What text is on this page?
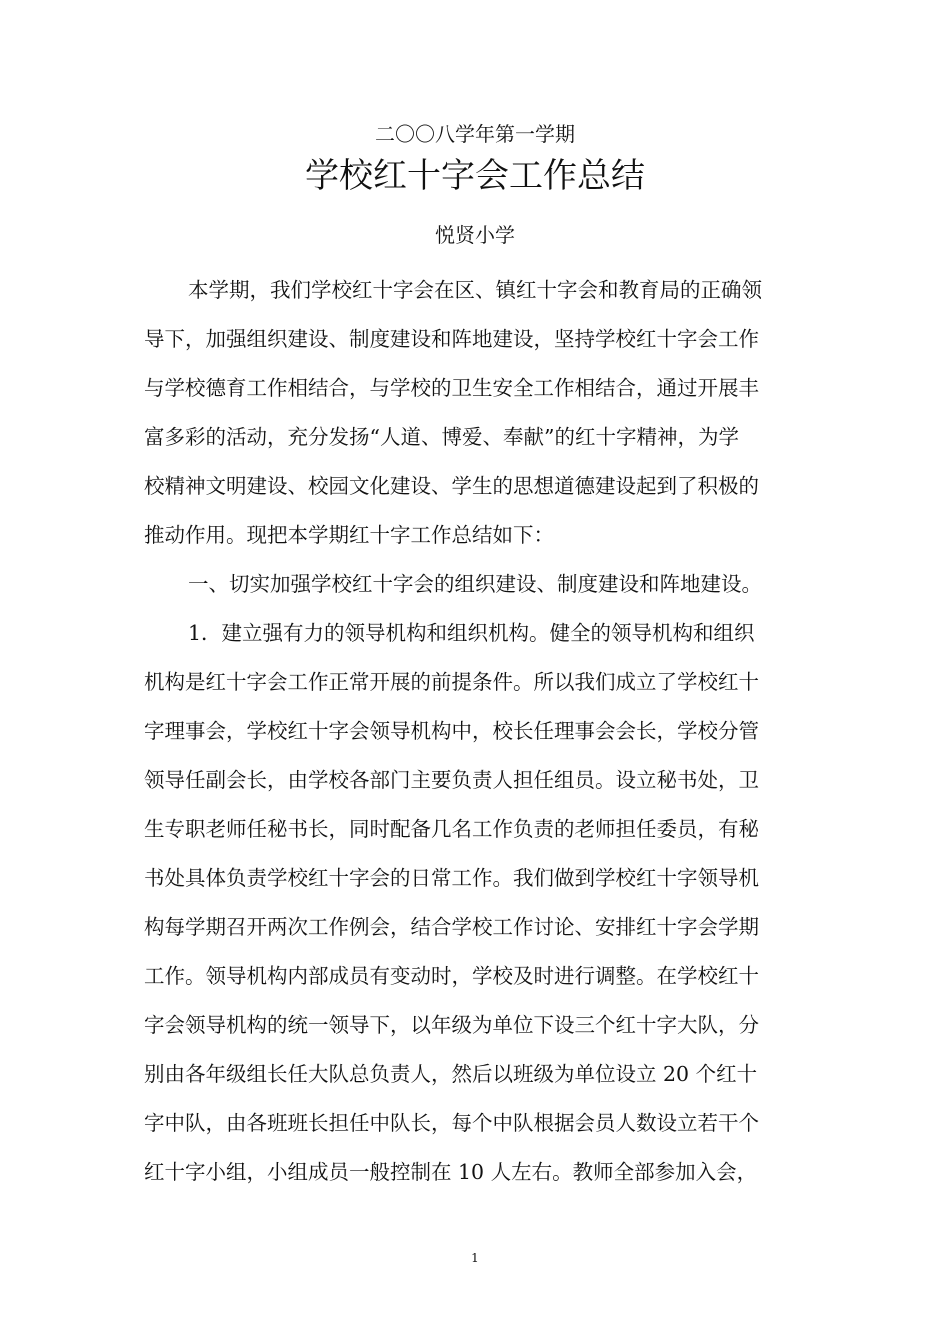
二〇〇八学年第一学期
学校红十字会工作总结
悦贤小学
本学期，我们学校红十字会在区、镇红十字会和教育局的正确领
导下，加强组织建设、制度建设和阵地建设，坚持学校红十字会工作
与学校德育工作相结合，与学校的卫生安全工作相结合，通过开展丰
富多彩的活动，充分发扬“人道、博爱、奉献”的红十字精神，为学
校精神文明建设、校园文化建设、学生的思想道德建设起到了积极的
推动作用。现把本学期红十字工作总结如下：
一、切实加强学校红十字会的组织建设、制度建设和阵地建设。
1．建立强有力的领导机构和组织机构。健全的领导机构和组织
机构是红十字会工作正常开展的前提条件。所以我们成立了学校红十
字理事会，学校红十字会领导机构中，校长任理事会会长，学校分管
领导任副会长，由学校各部门主要负责人担任组员。设立秘书处，卫
生专职老师任秘书长，同时配备几名工作负责的老师担任委员，有秘
书处具体负责学校红十字会的日常工作。我们做到学校红十字领导机
构每学期召开两次工作例会，结合学校工作讨论、安排红十字会学期
工作。领导机构内部成员有变动时，学校及时进行调整。在学校红十
字会领导机构的统一领导下，以年级为单位下设三个红十字大队，分
别由各年级组长任大队总负责人，然后以班级为单位设立 20 个红十
字中队，由各班班长担任中队长，每个中队根据会员人数设立若干个
红十字小组，小组成员一般控制在 10 人左右。教师全部参加入会，
1
